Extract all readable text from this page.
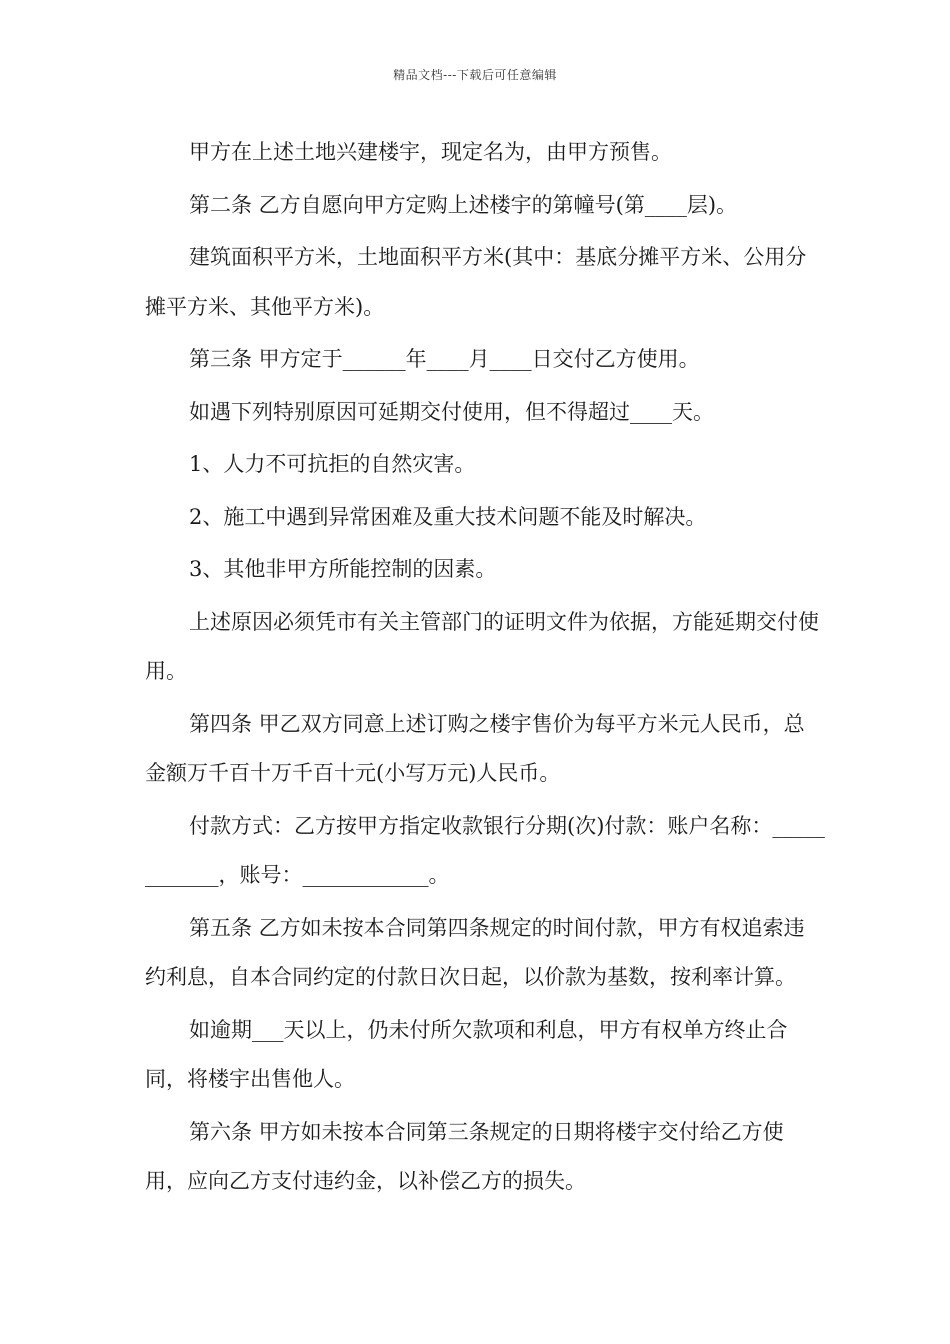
精品文档---下载后可任意编辑

甲方在上述土地兴建楼宇，现定名为，由甲方预售。

第二条 乙方自愿向甲方定购上述楼宇的第幢号(第____层)。

建筑面积平方米，土地面积平方米(其中：基底分摊平方米、公用分摊平方米、其他平方米)。

第三条 甲方定于______年____月____日交付乙方使用。

如遇下列特别原因可延期交付使用，但不得超过____天。

1、人力不可抗拒的自然灾害。

2、施工中遇到异常困难及重大技术问题不能及时解决。

3、其他非甲方所能控制的因素。

上述原因必须凭市有关主管部门的证明文件为依据，方能延期交付使用。

第四条 甲乙双方同意上述订购之楼宇售价为每平方米元人民币，总金额万千百十万千百十元(小写万元)人民币。

付款方式：乙方按甲方指定收款银行分期(次)付款：账户名称：____________，账号：____________。

第五条 乙方如未按本合同第四条规定的时间付款，甲方有权追索违约利息，自本合同约定的付款日次日起，以价款为基数，按利率计算。

如逾期___天以上，仍未付所欠款项和利息，甲方有权单方终止合同，将楼宇出售他人。

第六条 甲方如未按本合同第三条规定的日期将楼宇交付给乙方使用，应向乙方支付违约金，以补偿乙方的损失。
